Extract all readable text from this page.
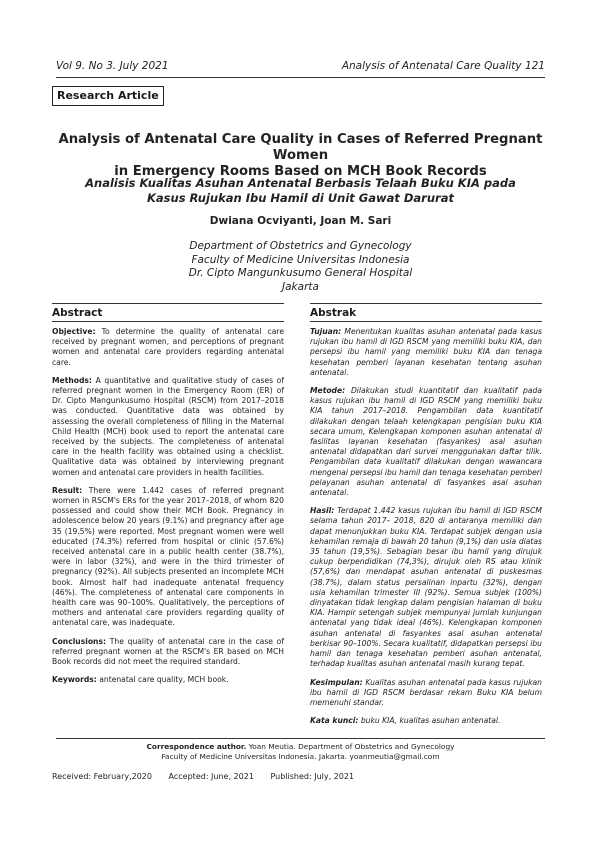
Vol 9. No 3. July 2021	Analysis of Antenatal Care Quality 121
Research Article
Analysis of Antenatal Care Quality in Cases of Referred Pregnant Women
in Emergency Rooms Based on MCH Book Records
Analisis Kualitas Asuhan Antenatal Berbasis Telaah Buku KIA pada
Kasus Rujukan Ibu Hamil di Unit Gawat Darurat
Dwiana Ocviyanti, Joan M. Sari
Department of Obstetrics and Gynecology
Faculty of Medicine Universitas Indonesia
Dr. Cipto Mangunkusumo General Hospital
Jakarta
Abstract

Objective: To determine the quality of antenatal care received by pregnant women, and perceptions of pregnant women and antenatal care providers regarding antenatal care.

Methods: A quantitative and qualitative study of cases of referred pregnant women in the Emergency Room (ER) of Dr. Cipto Mangunkusumo Hospital (RSCM) from 2017–2018 was conducted. Quantitative data was obtained by assessing the overall completeness of filling in the Maternal Child Health (MCH) book used to report the antenatal care received by the subjects. The completeness of antenatal care in the health facility was obtained using a checklist. Qualitative data was obtained by interviewing pregnant women and antenatal care providers in health facilities.

Result: There were 1.442 cases of referred pregnant women in RSCM's ERs for the year 2017–2018, of whom 820 possessed and could show their MCH Book. Pregnancy in adolescence below 20 years (9.1%) and pregnancy after age 35 (19.5%) were reported. Most pregnant women were well educated (74.3%) referred from hospital or clinic (57.6%) received antenatal care in a public health center (38.7%), were in labor (32%), and were in the third trimester of pregnancy (92%). All subjects presented an incomplete MCH book. Almost half had inadequate antenatal frequency (46%). The completeness of antenatal care components in health care was 90–100%. Qualitatively, the perceptions of mothers and antenatal care providers regarding quality of antenatal care, was inadequate.

Conclusions: The quality of antenatal care in the case of referred pregnant women at the RSCM's ER based on MCH Book records did not meet the required standard.

Keywords: antenatal care quality, MCH book.

Abstrak

Tujuan: Menentukan kualitas asuhan antenatal pada kasus rujukan ibu hamil di IGD RSCM yang memiliki buku KIA, dan persepsi ibu hamil yang memiliki buku KIA dan tenaga kesehatan pemberi layanan kesehatan tentang asuhan antenatal.

Metode: Dilakukan studi kuantitatif dan kualitatif pada kasus rujukan ibu hamil di IGD RSCM yang memiliki buku KIA tahun 2017–2018. Pengambilan data kuantitatif dilakukan dengan telaah kelengkapan pengisian buku KIA secara umum, Kelengkapan komponen asuhan antenatal di fasilitas layanan kesehatan (fasyankes) asal asuhan antenatal didapatkan dari survei menggunakan daftar tilik. Pengambilan data kualitatif dilakukan dengan wawancara mengenai persepsi ibu hamil dan tenaga kesehatan pemberi pelayanan asuhan antenatal di fasyankes asal asuhan antenatal.

Hasil: Terdapat 1.442 kasus rujukan ibu hamil di IGD RSCM selama tahun 2017– 2018, 820 di antaranya memiliki dan dapat menunjukkan buku KIA. Terdapat subjek dengan usia kehamilan remaja di bawah 20 tahun (9,1%) dan usia diatas 35 tahun (19,5%). Sebagian besar ibu hamil yang dirujuk cukup berpendidikan (74,3%), dirujuk oleh RS atau klinik (57,6%) dan mendapat asuhan antenatal di puskesmas (38.7%), dalam status persalinan inpartu (32%), dengan usia kehamilan trimester III (92%). Semua subjek (100%) dinyatakan tidak lengkap dalam pengisian halaman di buku KIA. Hampir setengah subjek mempunyai jumlah kunjungan antenatal yang tidak ideal (46%). Kelengkapan komponen asuhan antenatal di fasyankes asal asuhan antenatal berkisar 90–100%. Secara kualitatif, didapatkan persepsi ibu hamil dan tenaga kesehatan pemberi asuhan antenatal, terhadap kualitas asuhan antenatal masih kurang tepat.

Kesimpulan: Kualitas asuhan antenatal pada kasus rujukan ibu hamil di IGD RSCM berdasar rekam Buku KIA belum memenuhi standar.

Kata kunci: buku KIA, kualitas asuhan antenatal.

Correspondence author. Yoan Meutia. Department of Obstetrics and Gynecology
Faculty of Medicine Universitas Indonesia. Jakarta. yoanmeutia@gmail.com
Received: February,2020 Accepted: June, 2021 Published: July, 2021
